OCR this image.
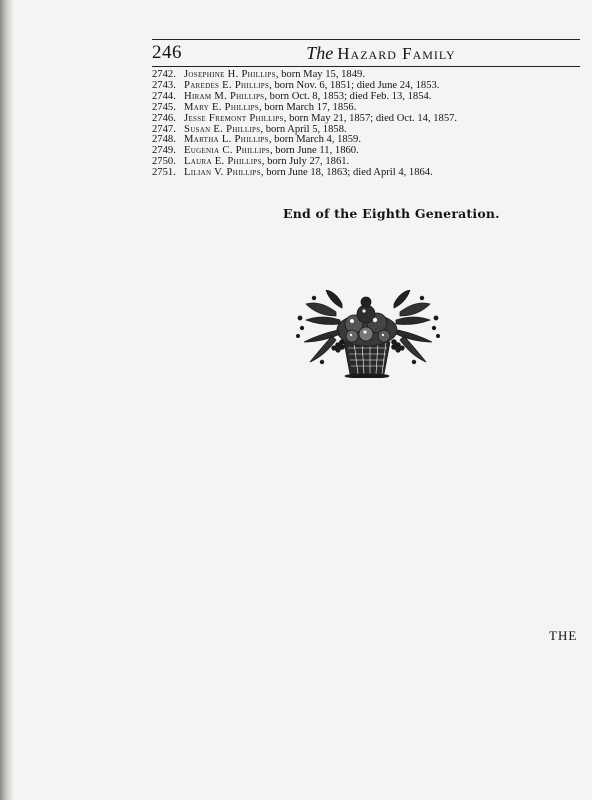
246	The Hazard Family
2742. Josephine H. Phillips, born May 15, 1849.
2743. Paredes E. Phillips, born Nov. 6, 1851; died June 24, 1853.
2744. Hiram M. Phillips, born Oct. 8, 1853; died Feb. 13, 1854.
2745. Mary E. Phillips, born March 17, 1856.
2746. Jesse Fremont Phillips, born May 21, 1857; died Oct. 14, 1857.
2747. Susan E. Phillips, born April 5, 1858.
2748. Martha L. Phillips, born March 4, 1859.
2749. Eugenia C. Phillips, born June 11, 1860.
2750. Laura E. Phillips, born July 27, 1861.
2751. Lilian V. Phillips, born June 18, 1863; died April 4, 1864.
End of the Eighth Generation.
THE
